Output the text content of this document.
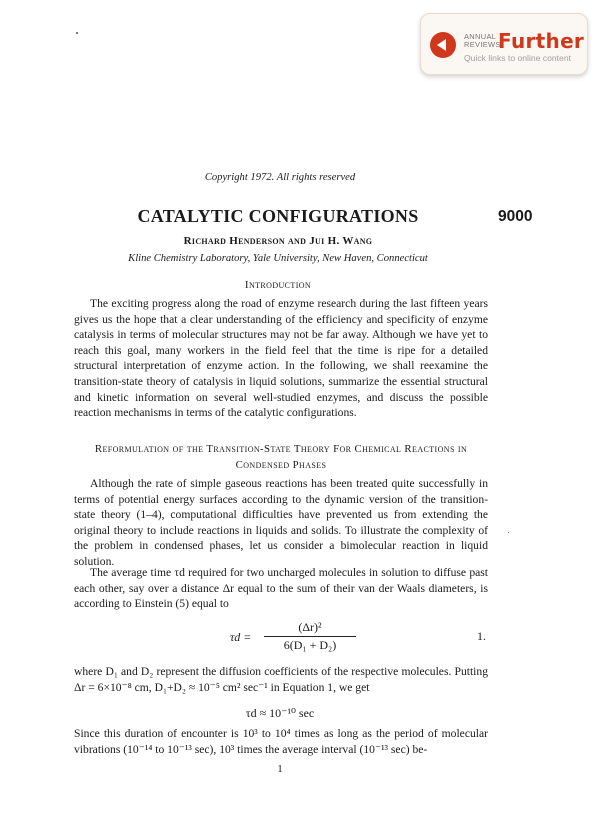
ANNUAL
REVIEWS
Further
Quick links to online content
Copyright 1972. All rights reserved
CATALYTIC CONFIGURATIONS	9000
Richard Henderson and Jui H. Wang
Kline Chemistry Laboratory, Yale University, New Haven, Connecticut
Introduction
The exciting progress along the road of enzyme research during the last fifteen years gives us the hope that a clear understanding of the efficiency and specificity of enzyme catalysis in terms of molecular structures may not be far away. Although we have yet to reach this goal, many workers in the field feel that the time is ripe for a detailed structural interpretation of enzyme action. In the following, we shall reexamine the transition-state theory of catalysis in liquid solutions, summarize the essential structural and kinetic information on several well-studied enzymes, and discuss the possible reaction mechanisms in terms of the catalytic configurations.
Reformulation of the Transition-State Theory For Chemical Reactions in Condensed Phases
Although the rate of simple gaseous reactions has been treated quite successfully in terms of potential energy surfaces according to the dynamic version of the transition-state theory (1–4), computational difficulties have prevented us from extending the original theory to include reactions in liquids and solids. To illustrate the complexity of the problem in condensed phases, let us consider a bimolecular reaction in liquid solution.
The average time τd required for two uncharged molecules in solution to diffuse past each other, say over a distance Δr equal to the sum of their van der Waals diameters, is according to Einstein (5) equal to
τd =
(Δr)²
6(D₁ + D₂)
1.
where D₁ and D₂ represent the diffusion coefficients of the respective molecules. Putting Δr = 6×10⁻⁸ cm, D₁+D₂ ≈ 10⁻⁵ cm² sec⁻¹ in Equation 1, we get
τd ≈ 10⁻¹⁰ sec
Since this duration of encounter is 10³ to 10⁴ times as long as the period of molecular vibrations (10⁻¹⁴ to 10⁻¹³ sec), 10³ times the average interval (10⁻¹³ sec) be-
1
